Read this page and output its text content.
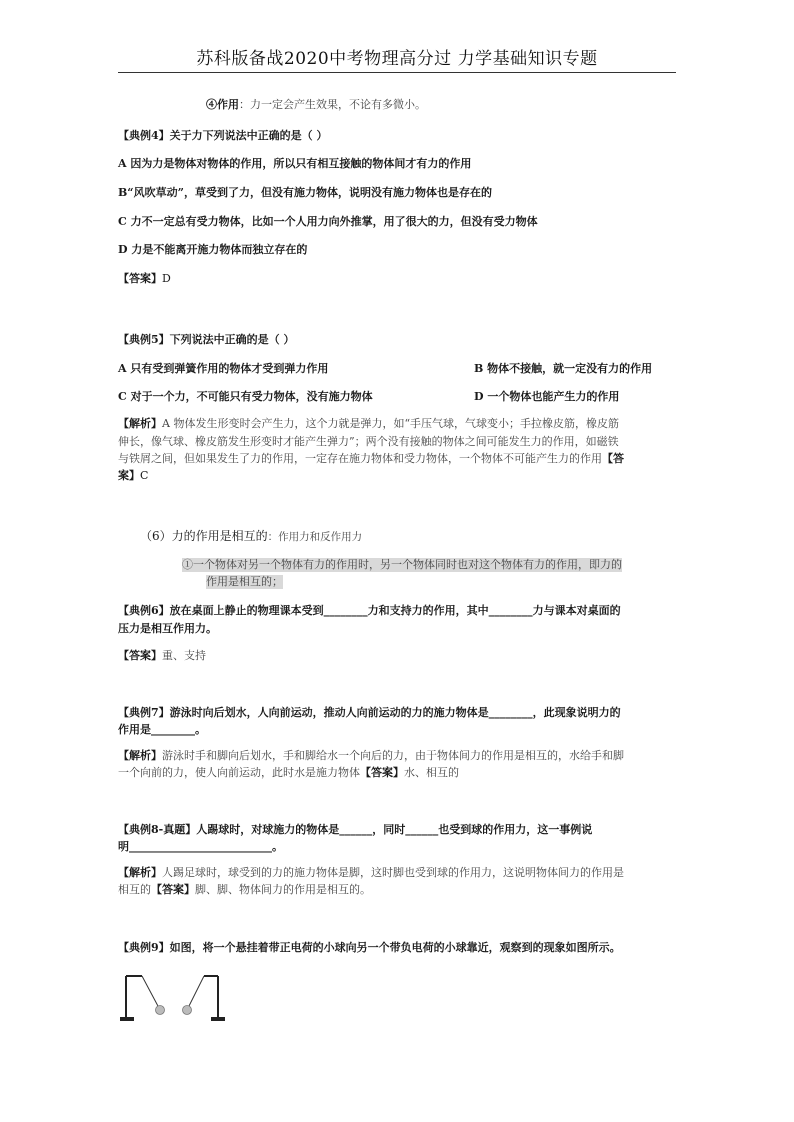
苏科版备战2020中考物理高分过 力学基础知识专题
④作用：力一定会产生效果，不论有多微小。
【典例4】关于力下列说法中正确的是（ ）
A 因为力是物体对物体的作用，所以只有相互接触的物体间才有力的作用
B“风吹草动”，草受到了力，但没有施力物体，说明没有施力物体也是存在的
C 力不一定总有受力物体，比如一个人用力向外推掌，用了很大的力，但没有受力物体
D 力是不能离开施力物体而独立存在的
【答案】D
【典例5】下列说法中正确的是（ ）
A 只有受到弹簧作用的物体才受到弹力作用	B 物体不接触，就一定没有力的作用
C 对于一个力，不可能只有受力物体，没有施力物体	D 一个物体也能产生力的作用
【解析】A 物体发生形变时会产生力，这个力就是弹力，如“手压气球，气球变小；手拉橡皮筋，橡皮筋
伸长，像气球、橡皮筋发生形变时才能产生弹力”；两个没有接触的物体之间可能发生力的作用，如磁铁
与铁屑之间，但如果发生了力的作用，一定存在施力物体和受力物体，一个物体不可能产生力的作用【答
案】C
（6）力的作用是相互的：作用力和反作用力
①一个物体对另一个物体有力的作用时，另一个物体同时也对这个物体有力的作用，即力的
作用是相互的；
【典例6】放在桌面上静止的物理课本受到________力和支持力的作用，其中________力与课本对桌面的
压力是相互作用力。
【答案】重、支持
【典例7】游泳时向后划水，人向前运动，推动人向前运动的力的施力物体是________，此现象说明力的
作用是________。
【解析】游泳时手和脚向后划水，手和脚给水一个向后的力，由于物体间力的作用是相互的，水给手和脚
一个向前的力，使人向前运动，此时水是施力物体【答案】水、相互的
【典例8-真题】人踢球时，对球施力的物体是______，同时______也受到球的作用力，这一事例说
明__________________________。
【解析】人踢足球时，球受到的力的施力物体是脚，这时脚也受到球的作用力，这说明物体间力的作用是
相互的【答案】脚、脚、物体间力的作用是相互的。
【典例9】如图，将一个悬挂着带正电荷的小球向另一个带负电荷的小球靠近，观察到的现象如图所示。
